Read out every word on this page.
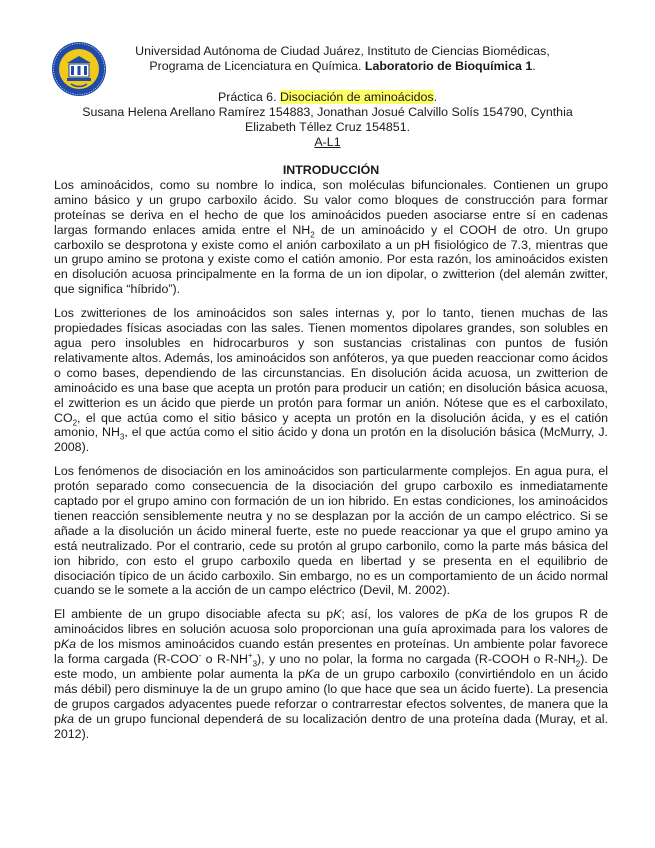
Universidad Autónoma de Ciudad Juárez, Instituto de Ciencias Biomédicas,
Programa de Licenciatura en Química. Laboratorio de Bioquímica 1.
Práctica 6. Disociación de aminoácidos.
Susana Helena Arellano Ramírez 154883, Jonathan Josué Calvillo Solís 154790, Cynthia
Elizabeth Téllez Cruz 154851.
A-L1
INTRODUCCIÓN

Los aminoácidos, como su nombre lo indica, son moléculas bifuncionales. Contienen un grupo amino básico y un grupo carboxilo ácido. Su valor como bloques de construcción para formar proteínas se deriva en el hecho de que los aminoácidos pueden asociarse entre sí en cadenas largas formando enlaces amida entre el $NH_2$ de un aminoácido y el COOH de otro. Un grupo carboxilo se desprotona y existe como el anión carboxilato a un pH fisiológico de 7.3, mientras que un grupo amino se protona y existe como el catión amonio. Por esta razón, los aminoácidos existen en disolución acuosa principalmente en la forma de un ion dipolar, o zwitterion (del alemán zwitter, que significa “híbrido”).

Los zwitteriones de los aminoácidos son sales internas y, por lo tanto, tienen muchas de las propiedades físicas asociadas con las sales. Tienen momentos dipolares grandes, son solubles en agua pero insolubles en hidrocarburos y son sustancias cristalinas con puntos de fusión relativamente altos. Además, los aminoácidos son anfóteros, ya que pueden reaccionar como ácidos o como bases, dependiendo de las circunstancias. En disolución ácida acuosa, un zwitterion de aminoácido es una base que acepta un protón para producir un catión; en disolución básica acuosa, el zwitterion es un ácido que pierde un protón para formar un anión. Nótese que es el carboxilato, $CO_2$, el que actúa como el sitio básico y acepta un protón en la disolución ácida, y es el catión amonio, $NH_3$, el que actúa como el sitio ácido y dona un protón en la disolución básica (McMurry, J. 2008).

Los fenómenos de disociación en los aminoácidos son particularmente complejos. En agua pura, el protón separado como consecuencia de la disociación del grupo carboxilo es inmediatamente captado por el grupo amino con formación de un ion hibrido. En estas condiciones, los aminoácidos tienen reacción sensiblemente neutra y no se desplazan por la acción de un campo eléctrico. Si se añade a la disolución un ácido mineral fuerte, este no puede reaccionar ya que el grupo amino ya está neutralizado. Por el contrario, cede su protón al grupo carbonilo, como la parte más básica del ion hibrido, con esto el grupo carboxilo queda en libertad y se presenta en el equilibrio de disociación típico de un ácido carboxilo. Sin embargo, no es un comportamiento de un ácido normal cuando se le somete a la acción de un campo eléctrico (Devil, M. 2002).

El ambiente de un grupo disociable afecta su pK; así, los valores de pKa de los grupos R de aminoácidos libres en solución acuosa solo proporcionan una guía aproximada para los valores de pKa de los mismos aminoácidos cuando están presentes en proteínas. Un ambiente polar favorece la forma cargada (R-COO- o $R-NH^+_3$), y uno no polar, la forma no cargada (R-COOH o $R-NH_2$). De este modo, un ambiente polar aumenta la pKa de un grupo carboxilo (convirtiéndolo en un ácido más débil) pero disminuye la de un grupo amino (lo que hace que sea un ácido fuerte). La presencia de grupos cargados adyacentes puede reforzar o contrarrestar efectos solventes, de manera que la pka de un grupo funcional dependerá de su localización dentro de una proteína dada (Muray, et al. 2012).
